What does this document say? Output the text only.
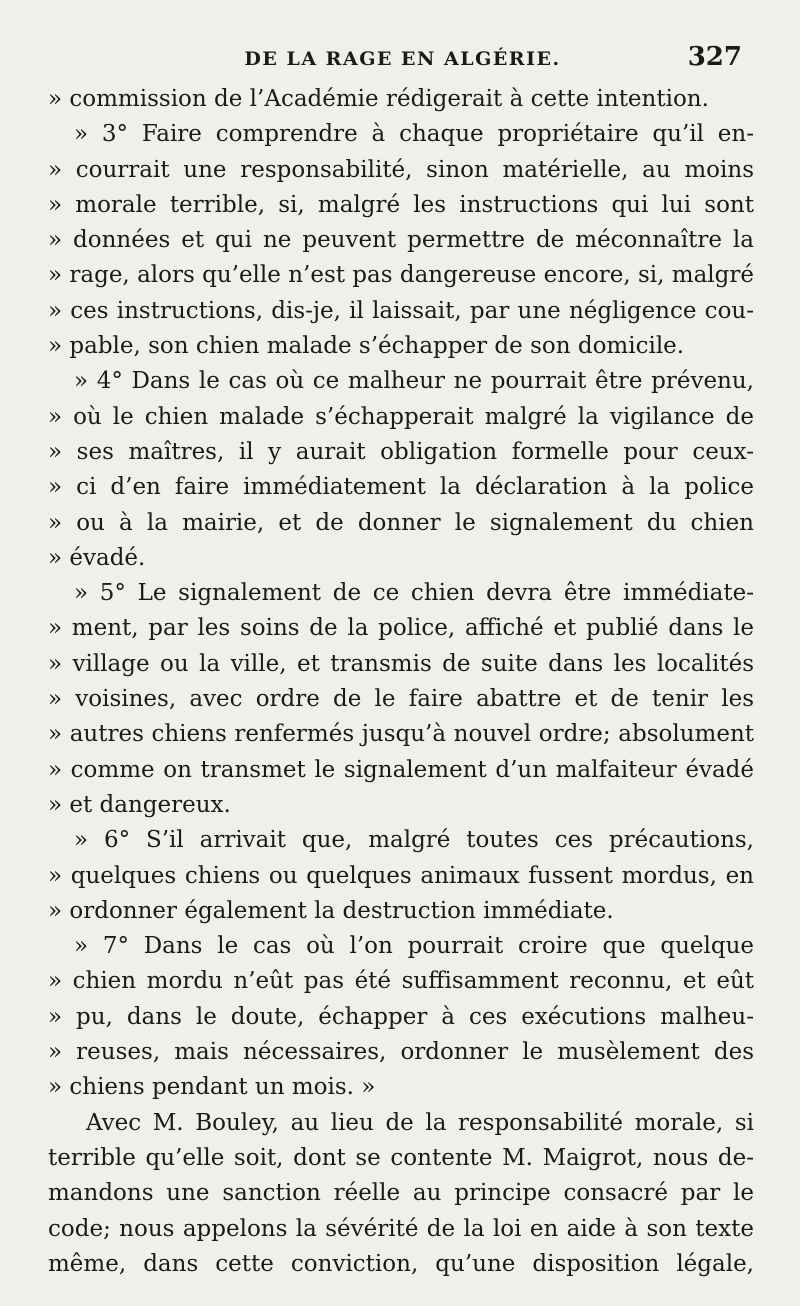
DE LA RAGE EN ALGÉRIE.	327
» commission de l’Académie rédigerait à cette intention.
» 3° Faire comprendre à chaque propriétaire qu’il en-
» courrait une responsabilité, sinon matérielle, au moins
» morale terrible, si, malgré les instructions qui lui sont
» données et qui ne peuvent permettre de méconnaître la
» rage, alors qu’elle n’est pas dangereuse encore, si, malgré
» ces instructions, dis-je, il laissait, par une négligence cou-
» pable, son chien malade s’échapper de son domicile.
» 4° Dans le cas où ce malheur ne pourrait être prévenu,
» où le chien malade s’échapperait malgré la vigilance de
» ses maîtres, il y aurait obligation formelle pour ceux-
» ci d’en faire immédiatement la déclaration à la police
» ou à la mairie, et de donner le signalement du chien
» évadé.
» 5° Le signalement de ce chien devra être immédiate-
» ment, par les soins de la police, affiché et publié dans le
» village ou la ville, et transmis de suite dans les localités
» voisines, avec ordre de le faire abattre et de tenir les
» autres chiens renfermés jusqu’à nouvel ordre; absolument
» comme on transmet le signalement d’un malfaiteur évadé
» et dangereux.
» 6° S’il arrivait que, malgré toutes ces précautions,
» quelques chiens ou quelques animaux fussent mordus, en
» ordonner également la destruction immédiate.
» 7° Dans le cas où l’on pourrait croire que quelque
» chien mordu n’eût pas été suffisamment reconnu, et eût
» pu, dans le doute, échapper à ces exécutions malheu-
» reuses, mais nécessaires, ordonner le musèlement des
» chiens pendant un mois. »
Avec M. Bouley, au lieu de la responsabilité morale, si
terrible qu’elle soit, dont se contente M. Maigrot, nous de-
mandons une sanction réelle au principe consacré par le
code; nous appelons la sévérité de la loi en aide à son texte
même, dans cette conviction, qu’une disposition légale,
